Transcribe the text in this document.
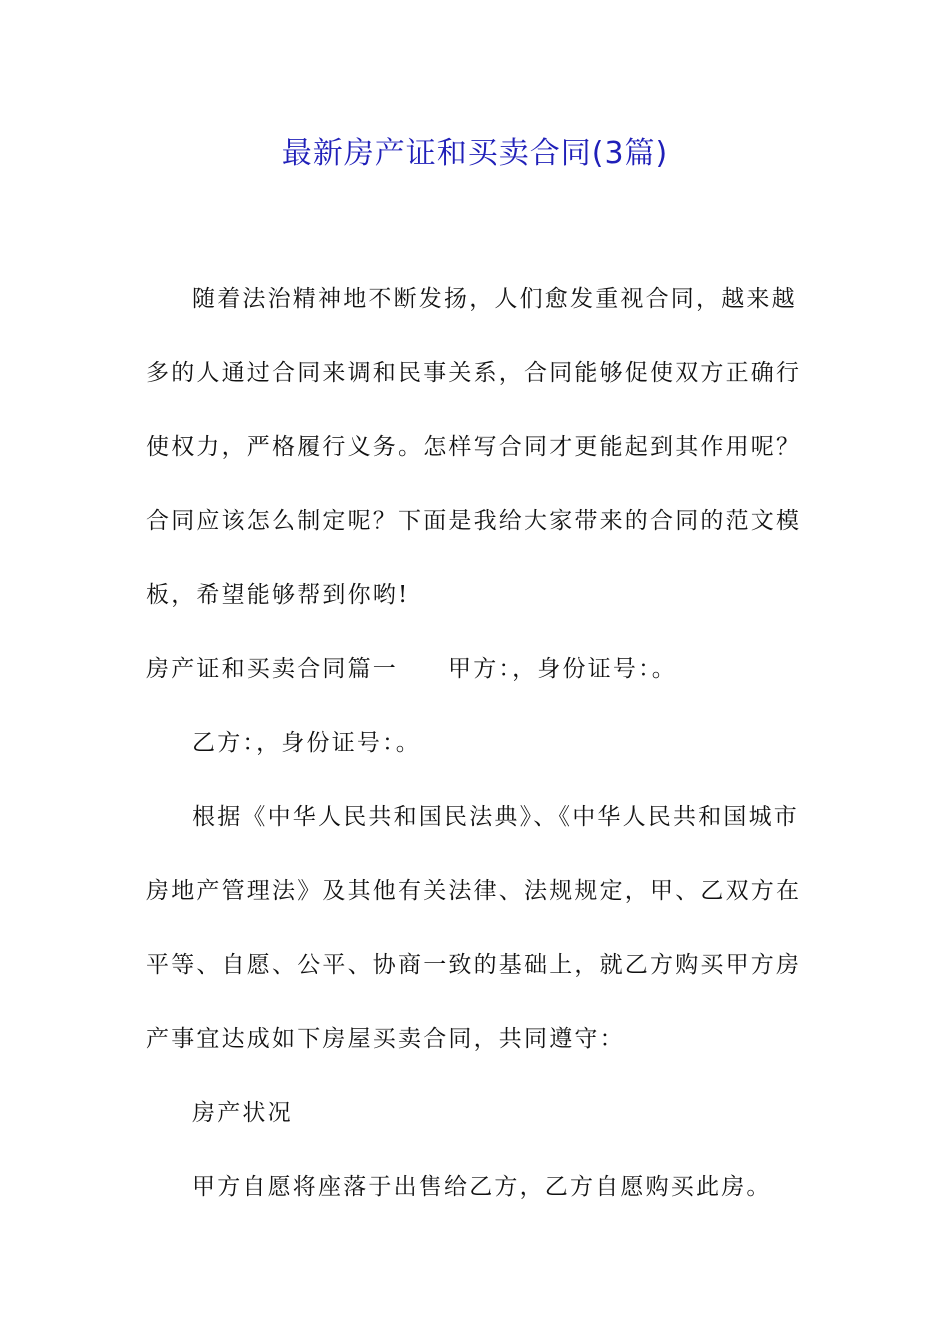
最新房产证和买卖合同(3篇)

随着法治精神地不断发扬，人们愈发重视合同，越来越多的人通过合同来调和民事关系，合同能够促使双方正确行使权力，严格履行义务。怎样写合同才更能起到其作用呢？合同应该怎么制定呢？下面是我给大家带来的合同的范文模板，希望能够帮到你哟!

房产证和买卖合同篇一 甲方：，身份证号：。

乙方：，身份证号：。

根据《中华人民共和国民法典》、《中华人民共和国城市房地产管理法》及其他有关法律、法规规定，甲、乙双方在平等、自愿、公平、协商一致的基础上，就乙方购买甲方房产事宜达成如下房屋买卖合同，共同遵守：

房产状况

甲方自愿将座落于出售给乙方，乙方自愿购买此房。
